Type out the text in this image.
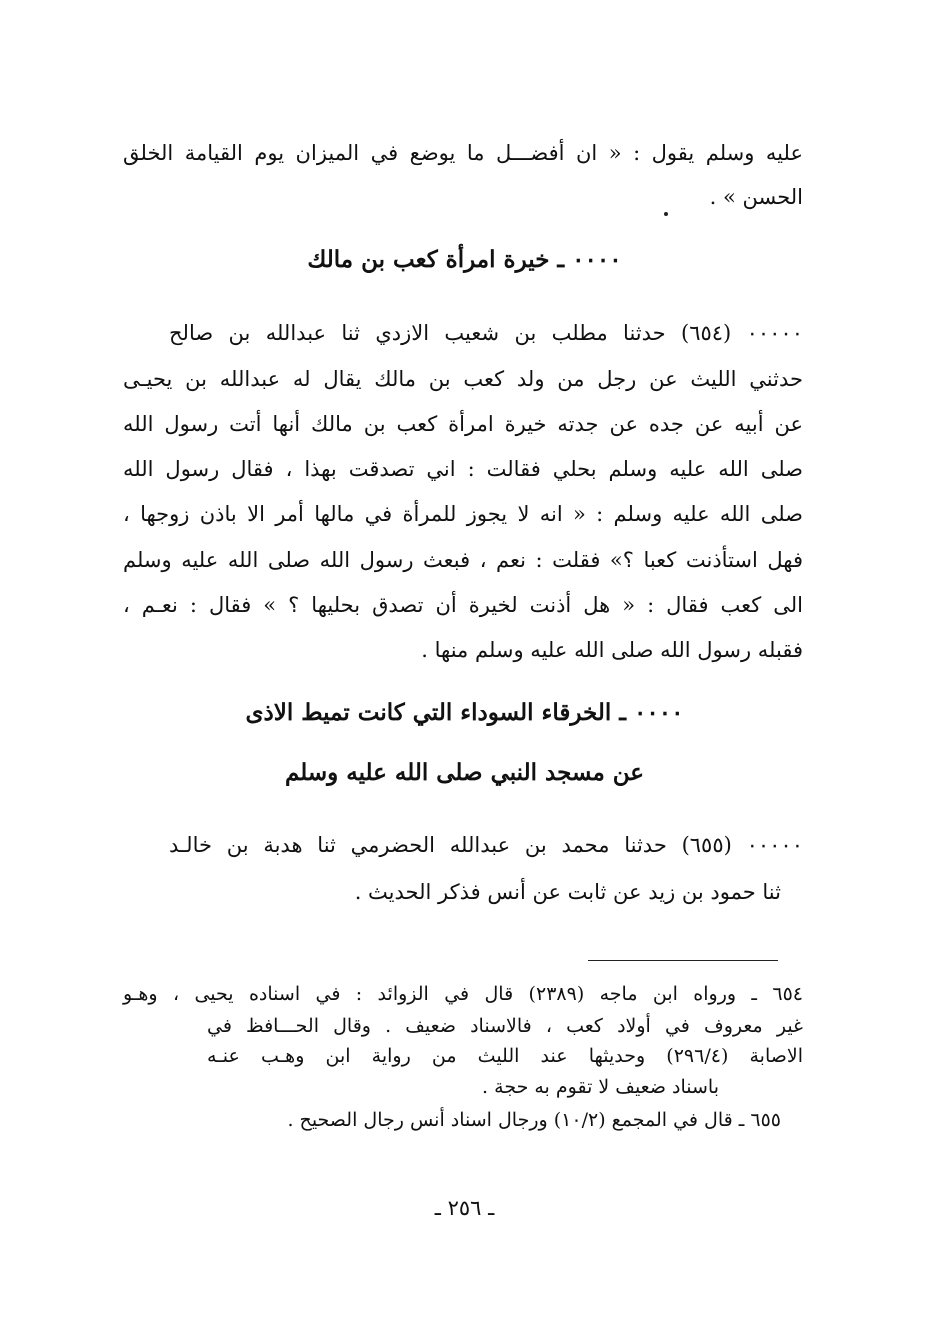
عليه وسلم يقول : « ان أفضـــل ما يوضع في الميزان يوم القيامة الخلق
الحسن » .
٠٠٠٠ ـ خيرة امرأة كعب بن مالك
٠٠٠٠٠ (٦٥٤) حدثنا مطلب بن شعيب الازدي ثنا عبدالله بن صالح
حدثني الليث عن رجل من ولد كعب بن مالك يقال له عبدالله بن يحيـى
عن أبيه عن جده عن جدته خيرة امرأة كعب بن مالك أنها أتت رسول الله
صلى الله عليه وسلم بحلي فقالت : اني تصدقت بهذا ، فقال رسول الله
صلى الله عليه وسلم : « انه لا يجوز للمرأة في مالها أمر الا باذن زوجها ،
فهل استأذنت كعبا ؟» فقلت : نعم ، فبعث رسول الله صلى الله عليه وسلم
الى كعب فقال : « هل أذنت لخيرة أن تصدق بحليها ؟ » فقال : نعـم ،
فقبله رسول الله صلى الله عليه وسلم منها .
٠٠٠٠ ـ الخرقاء السوداء التي كانت تميط الاذى
عن مسجد النبي صلى الله عليه وسلم
٠٠٠٠٠ (٦٥٥) حدثنا محمد بن عبدالله الحضرمي ثنا هدبة بن خالـد
ثنا حمود بن زيد عن ثابت عن أنس فذكر الحديث .
٦٥٤ ـ ورواه ابن ماجه (٢٣٨٩) قال في الزوائد : في اسناده يحيى ، وهـو
غير معروف في أولاد كعب ، فالاسناد ضعيف . وقال الحـــافظ في
الاصابة (٢٩٦/٤) وحديثها عند الليث من رواية ابن وهـب عنـه
باسناد ضعيف لا تقوم به حجة .
٦٥٥ ـ قال في المجمع (١٠/٢) ورجال اسناد أنس رجال الصحيح .
ـ ٢٥٦ ـ
